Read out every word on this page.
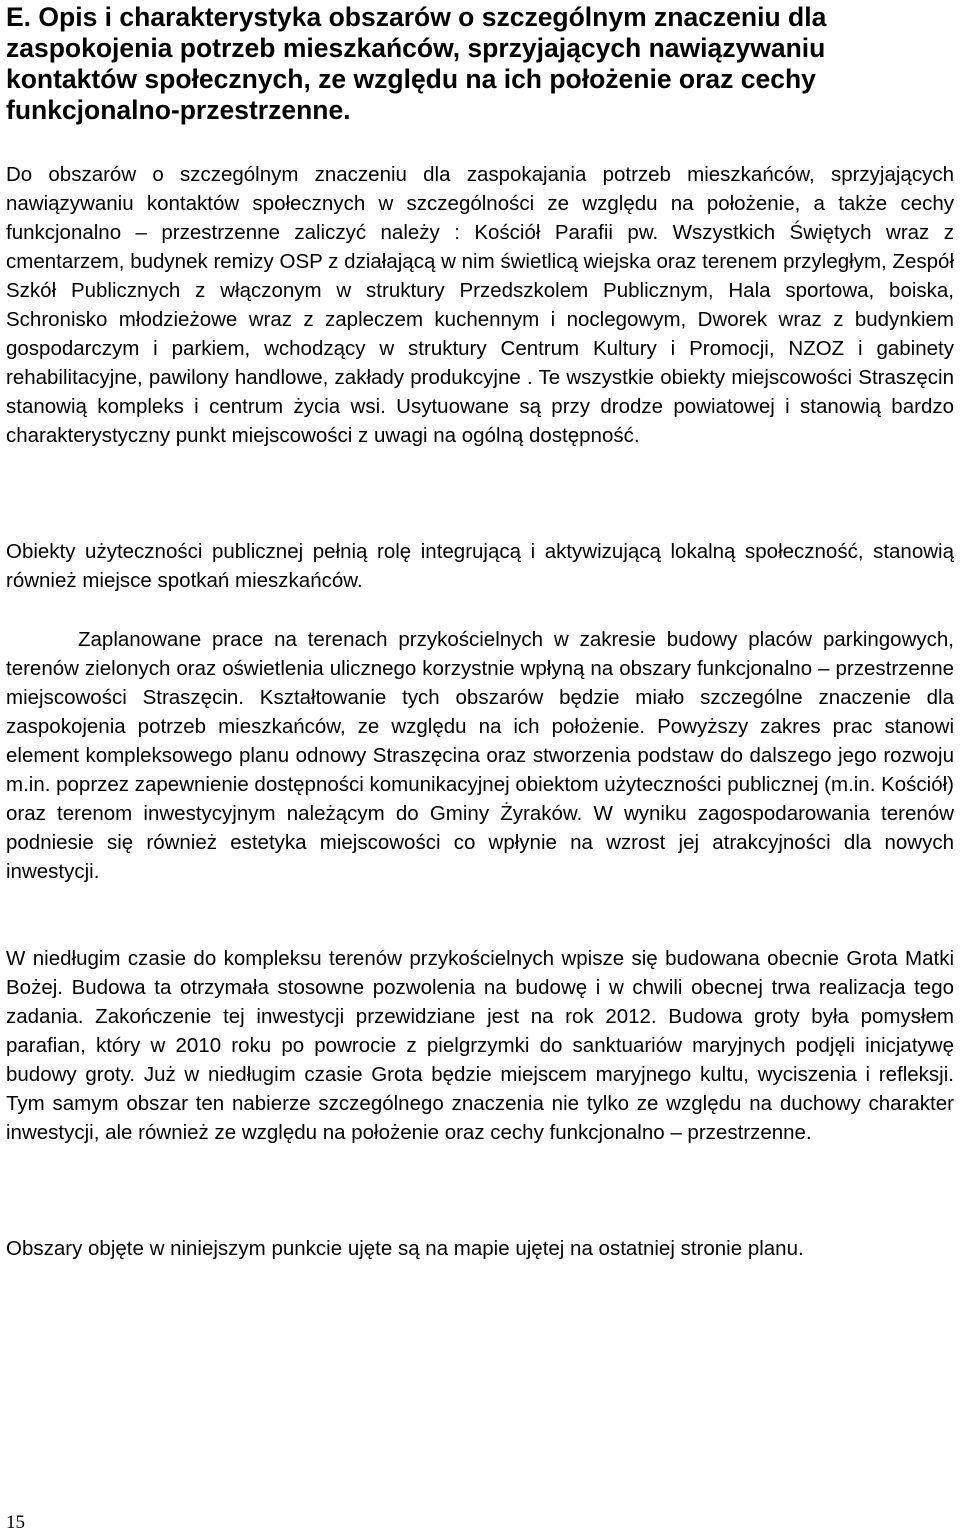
E. Opis i charakterystyka obszarów o szczególnym znaczeniu dla zaspokojenia potrzeb mieszkańców, sprzyjających nawiązywaniu kontaktów społecznych, ze względu na ich położenie oraz cechy funkcjonalno-przestrzenne.

Do obszarów o szczególnym znaczeniu dla zaspokajania potrzeb mieszkańców, sprzyjających nawiązywaniu kontaktów społecznych w szczególności ze względu na położenie, a także cechy funkcjonalno – przestrzenne zaliczyć należy : Kościół Parafii pw. Wszystkich Świętych wraz z cmentarzem, budynek remizy OSP z działającą w nim świetlicą wiejska oraz terenem przyległym, Zespół Szkół Publicznych z włączonym w struktury Przedszkolem Publicznym, Hala sportowa, boiska, Schronisko młodzieżowe wraz z zapleczem kuchennym i noclegowym, Dworek wraz z budynkiem gospodarczym i parkiem, wchodzący w struktury Centrum Kultury i Promocji, NZOZ i gabinety rehabilitacyjne, pawilony handlowe, zakłady produkcyjne . Te wszystkie obiekty miejscowości Straszęcin stanowią kompleks i centrum życia wsi. Usytuowane są przy drodze powiatowej i stanowią bardzo charakterystyczny punkt miejscowości z uwagi na ogólną dostępność.

Obiekty użyteczności publicznej pełnią rolę integrującą i aktywizującą lokalną społeczność, stanowią również miejsce spotkań mieszkańców.

Zaplanowane prace na terenach przykościelnych w zakresie budowy placów parkingowych, terenów zielonych oraz oświetlenia ulicznego korzystnie wpłyną na obszary funkcjonalno – przestrzenne miejscowości Straszęcin. Kształtowanie tych obszarów będzie miało szczególne znaczenie dla zaspokojenia potrzeb mieszkańców, ze względu na ich położenie. Powyższy zakres prac stanowi element kompleksowego planu odnowy Straszęcina oraz stworzenia podstaw do dalszego jego rozwoju m.in. poprzez zapewnienie dostępności komunikacyjnej obiektom użyteczności publicznej (m.in. Kościół) oraz terenom inwestycyjnym należącym do Gminy Żyraków. W wyniku zagospodarowania terenów podniesie się również estetyka miejscowości co wpłynie na wzrost jej atrakcyjności dla nowych inwestycji.

W niedługim czasie do kompleksu terenów przykościelnych wpisze się budowana obecnie Grota Matki Bożej. Budowa ta otrzymała stosowne pozwolenia na budowę i w chwili obecnej trwa realizacja tego zadania. Zakończenie tej inwestycji przewidziane jest na rok 2012. Budowa groty była pomysłem parafian, który w 2010 roku po powrocie z pielgrzymki do sanktuariów maryjnych podjęli inicjatywę budowy groty. Już w niedługim czasie Grota będzie miejscem maryjnego kultu, wyciszenia i refleksji. Tym samym obszar ten nabierze szczególnego znaczenia nie tylko ze względu na duchowy charakter inwestycji, ale również ze względu na położenie oraz cechy funkcjonalno – przestrzenne.

Obszary objęte w niniejszym punkcie ujęte są na mapie ujętej na ostatniej stronie planu.

15
